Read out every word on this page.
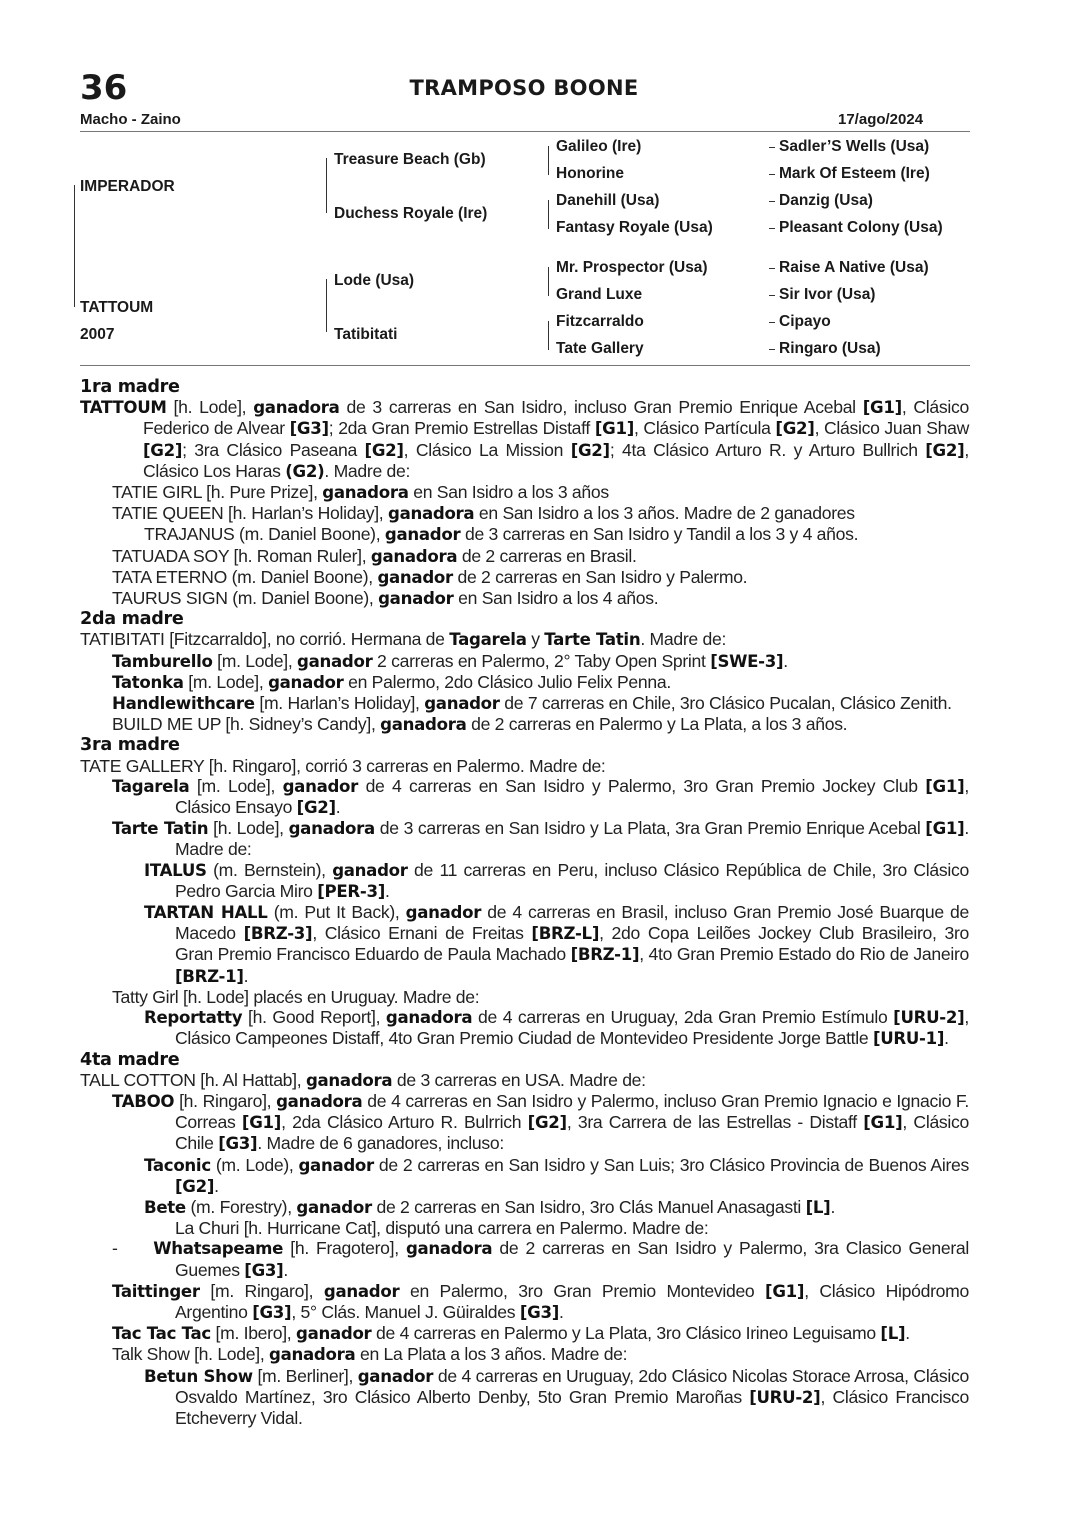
36	TRAMPOSO BOONE
Macho - Zaino	17/ago/2024
IMPERADOR
TATTOUM
2007
Treasure Beach (Gb)
Duchess Royale (Ire)
Lode (Usa)
Tatibitati
Galileo (Ire)
Honorine
Danehill (Usa)
Fantasy Royale (Usa)
Mr. Prospector (Usa)
Grand Luxe
Fitzcarraldo
Tate Gallery
Sadler’S Wells (Usa)
Mark Of Esteem (Ire)
Danzig (Usa)
Pleasant Colony (Usa)
Raise A Native (Usa)
Sir Ivor (Usa)
Cipayo
Ringaro (Usa)
1ra madre

TATTOUM [h. Lode], ganadora de 3 carreras en San Isidro, incluso Gran Premio Enrique Acebal [G1], Clásico Federico de Alvear [G3]; 2da Gran Premio Estrellas Distaff [G1], Clásico Partícula [G2], Clásico Juan Shaw [G2]; 3ra Clásico Paseana [G2], Clásico La Mission [G2]; 4ta Clásico Arturo R. y Arturo Bullrich [G2], Clásico Los Haras (G2). Madre de:

TATIE GIRL [h. Pure Prize], ganadora en San Isidro a los 3 años

TATIE QUEEN [h. Harlan’s Holiday], ganadora en San Isidro a los 3 años. Madre de 2 ganadores

TRAJANUS (m. Daniel Boone), ganador de 3 carreras en San Isidro y Tandil a los 3 y 4 años.

TATUADA SOY [h. Roman Ruler], ganadora de 2 carreras en Brasil.

TATA ETERNO (m. Daniel Boone), ganador de 2 carreras en San Isidro y Palermo.

TAURUS SIGN (m. Daniel Boone), ganador en San Isidro a los 4 años.

2da madre

TATIBITATI [Fitzcarraldo], no corrió. Hermana de Tagarela y Tarte Tatin. Madre de:

Tamburello [m. Lode], ganador 2 carreras en Palermo, 2° Taby Open Sprint [SWE-3].

Tatonka [m. Lode], ganador en Palermo, 2do Clásico Julio Felix Penna.

Handlewithcare [m. Harlan’s Holiday], ganador de 7 carreras en Chile, 3ro Clásico Pucalan, Clásico Zenith.

BUILD ME UP [h. Sidney’s Candy], ganadora de 2 carreras en Palermo y La Plata, a los 3 años.

3ra madre

TATE GALLERY [h. Ringaro], corrió 3 carreras en Palermo. Madre de:

Tagarela [m. Lode], ganador de 4 carreras en San Isidro y Palermo, 3ro Gran Premio Jockey Club [G1], Clásico Ensayo [G2].

Tarte Tatin [h. Lode], ganadora de 3 carreras en San Isidro y La Plata, 3ra Gran Premio Enrique Acebal [G1]. Madre de:

ITALUS (m. Bernstein), ganador de 11 carreras en Peru, incluso Clásico República de Chile, 3ro Clásico Pedro Garcia Miro [PER-3].

TARTAN HALL (m. Put It Back), ganador de 4 carreras en Brasil, incluso Gran Premio José Buarque de Macedo [BRZ-3], Clásico Ernani de Freitas [BRZ-L], 2do Copa Leilões Jockey Club Brasileiro, 3ro Gran Premio Francisco Eduardo de Paula Machado [BRZ-1], 4to Gran Premio Estado do Rio de Janeiro [BRZ-1].

Tatty Girl [h. Lode] placés en Uruguay. Madre de:

Reportatty [h. Good Report], ganadora de 4 carreras en Uruguay, 2da Gran Premio Estímulo [URU-2], Clásico Campeones Distaff, 4to Gran Premio Ciudad de Montevideo Presidente Jorge Battle [URU-1].

4ta madre

TALL COTTON [h. Al Hattab], ganadora de 3 carreras en USA. Madre de:

TABOO [h. Ringaro], ganadora de 4 carreras en San Isidro y Palermo, incluso Gran Premio Ignacio e Ignacio F. Correas [G1], 2da Clásico Arturo R. Bulrrich [G2], 3ra Carrera de las Estrellas - Distaff [G1], Clásico Chile [G3]. Madre de 6 ganadores, incluso:

Taconic (m. Lode), ganador de 2 carreras en San Isidro y San Luis; 3ro Clásico Provincia de Buenos Aires [G2].

Bete (m. Forestry), ganador de 2 carreras en San Isidro, 3ro Clás Manuel Anasagasti [L].

La Churi [h. Hurricane Cat], disputó una carrera en Palermo. Madre de:

-     Whatsapeame [h. Fragotero], ganadora de 2 carreras en San Isidro y Palermo, 3ra Clasico General Guemes [G3].

Taittinger [m. Ringaro], ganador en Palermo, 3ro Gran Premio Montevideo [G1], Clásico Hipódromo Argentino [G3], 5° Clás. Manuel J. Güiraldes [G3].

Tac Tac Tac [m. Ibero], ganador de 4 carreras en Palermo y La Plata, 3ro Clásico Irineo Leguisamo [L].

Talk Show [h. Lode], ganadora en La Plata a los 3 años. Madre de:

Betun Show [m. Berliner], ganador de 4 carreras en Uruguay, 2do Clásico Nicolas Storace Arrosa, Clásico Osvaldo Martínez, 3ro Clásico Alberto Denby, 5to Gran Premio Maroñas [URU-2], Clásico Francisco Etcheverry Vidal.
